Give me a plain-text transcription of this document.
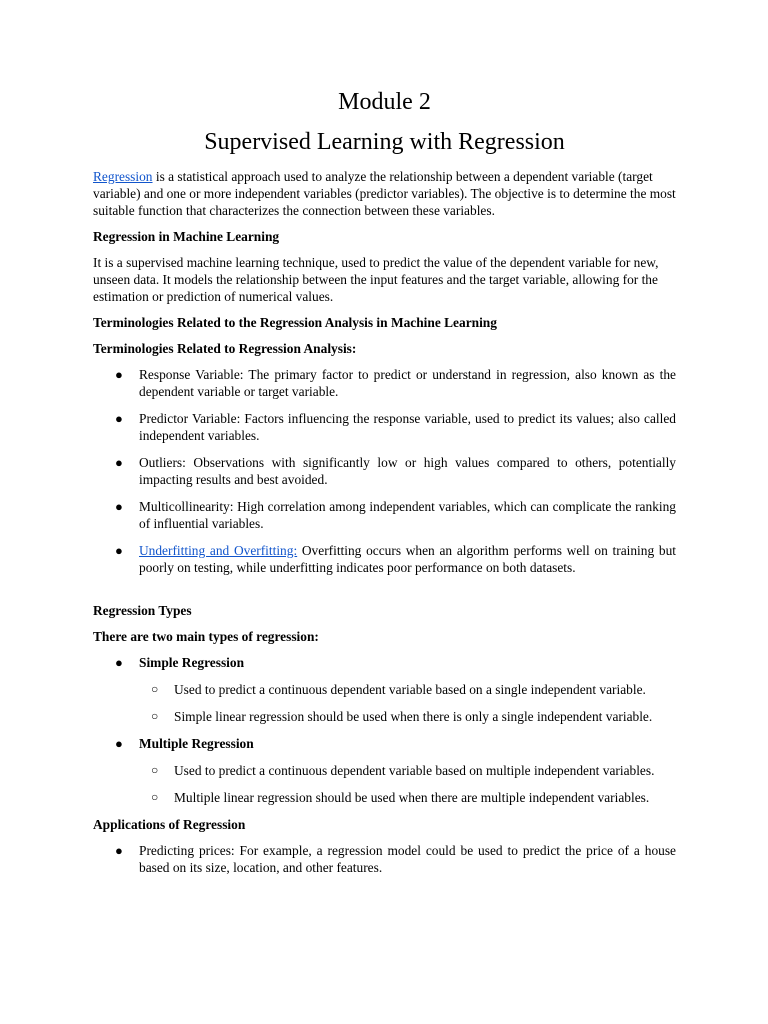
Module 2
Supervised Learning with Regression

Regression is a statistical approach used to analyze the relationship between a dependent variable (target variable) and one or more independent variables (predictor variables). The objective is to determine the most suitable function that characterizes the connection between these variables.

Regression in Machine Learning

It is a supervised machine learning technique, used to predict the value of the dependent variable for new, unseen data. It models the relationship between the input features and the target variable, allowing for the estimation or prediction of numerical values.

Terminologies Related to the Regression Analysis in Machine Learning

Terminologies Related to Regression Analysis:

● Response Variable: The primary factor to predict or understand in regression, also known as the dependent variable or target variable.
● Predictor Variable: Factors influencing the response variable, used to predict its values; also called independent variables.
● Outliers: Observations with significantly low or high values compared to others, potentially impacting results and best avoided.
● Multicollinearity: High correlation among independent variables, which can complicate the ranking of influential variables.
● Underfitting and Overfitting: Overfitting occurs when an algorithm performs well on training but poorly on testing, while underfitting indicates poor performance on both datasets.

Regression Types

There are two main types of regression:

● Simple Regression
○ Used to predict a continuous dependent variable based on a single independent variable.
○ Simple linear regression should be used when there is only a single independent variable.
● Multiple Regression
○ Used to predict a continuous dependent variable based on multiple independent variables.
○ Multiple linear regression should be used when there are multiple independent variables.

Applications of Regression

● Predicting prices: For example, a regression model could be used to predict the price of a house based on its size, location, and other features.
